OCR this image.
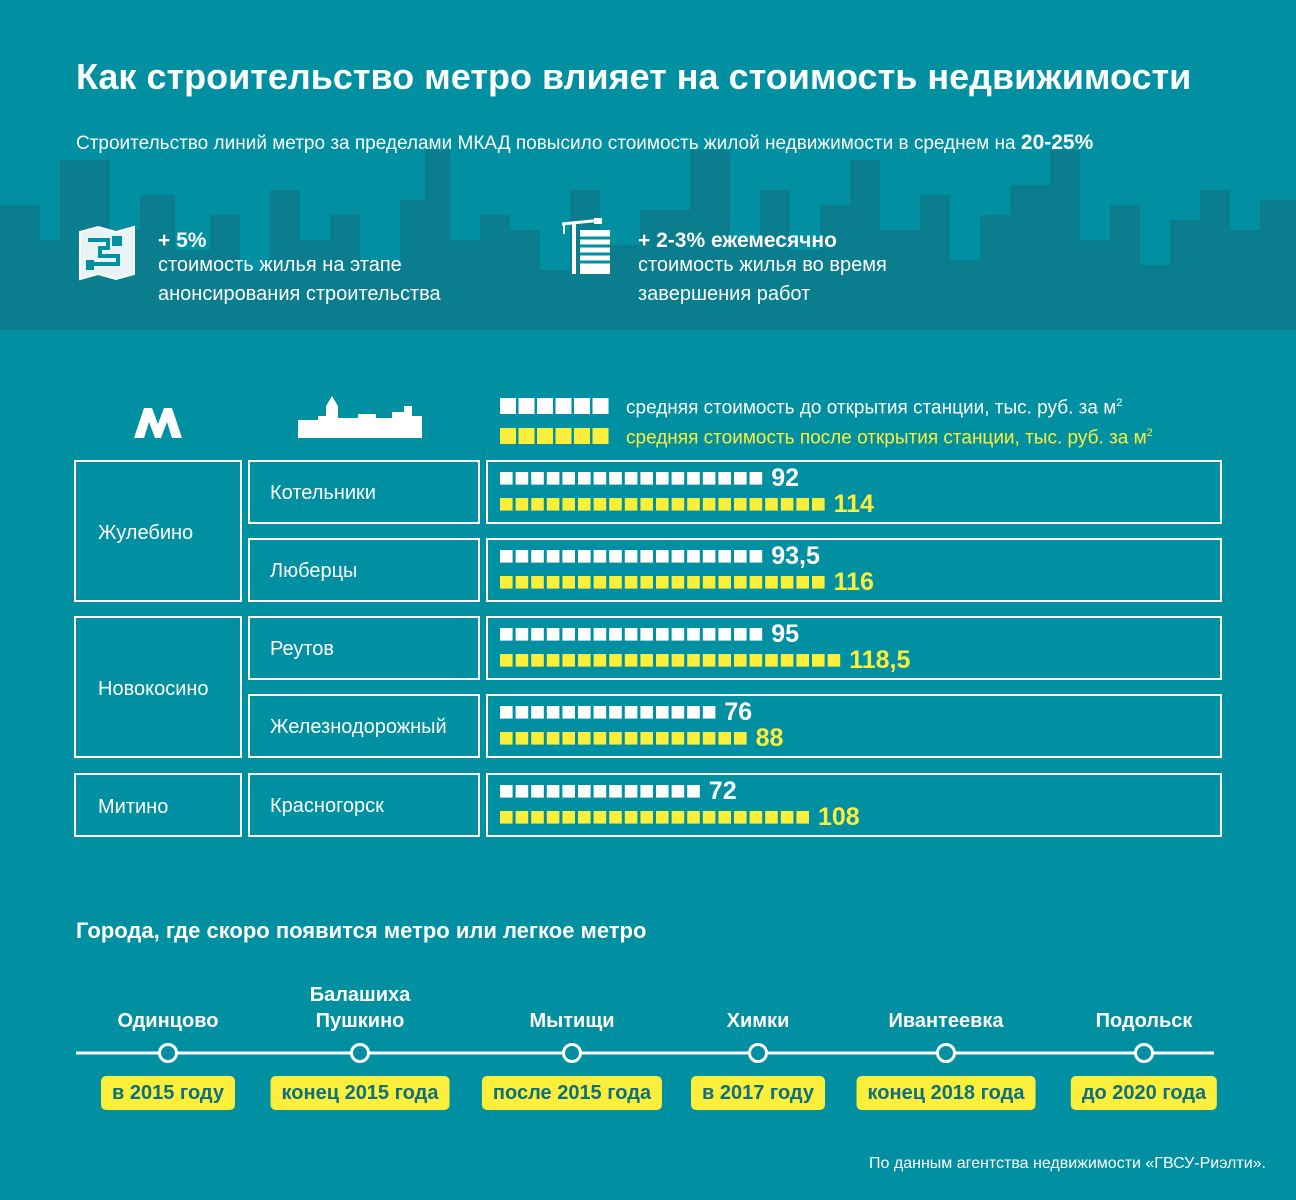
Как строительство метро влияет на стоимость недвижимости
Строительство линий метро за пределами МКАД повысило стоимость жилой недвижимости в среднем на 20-25%
+ 5%
стоимость жилья на этапе
анонсирования строительства
+ 2-3% ежемесячно
стоимость жилья во время
завершения работ
средняя стоимость до открытия станции, тыс. руб. за $м^2$
средняя стоимость после открытия станции, тыс. руб. за $м^2$
Жулебино
Новокосино
Митино
Котельники
Люберцы
Реутов
Железнодорожный
Красногорск
92
114
93,5
116
95
118,5
76
88
72
108
Города, где скоро появится метро или легкое метро
Одинцово
в 2015 году
Балашиха
Пушкино
конец 2015 года
Мытищи
после 2015 года
Химки
в 2017 году
Ивантеевка
конец 2018 года
Подольск
до 2020 года
По данным агентства недвижимости «ГВСУ-Риэлти».
